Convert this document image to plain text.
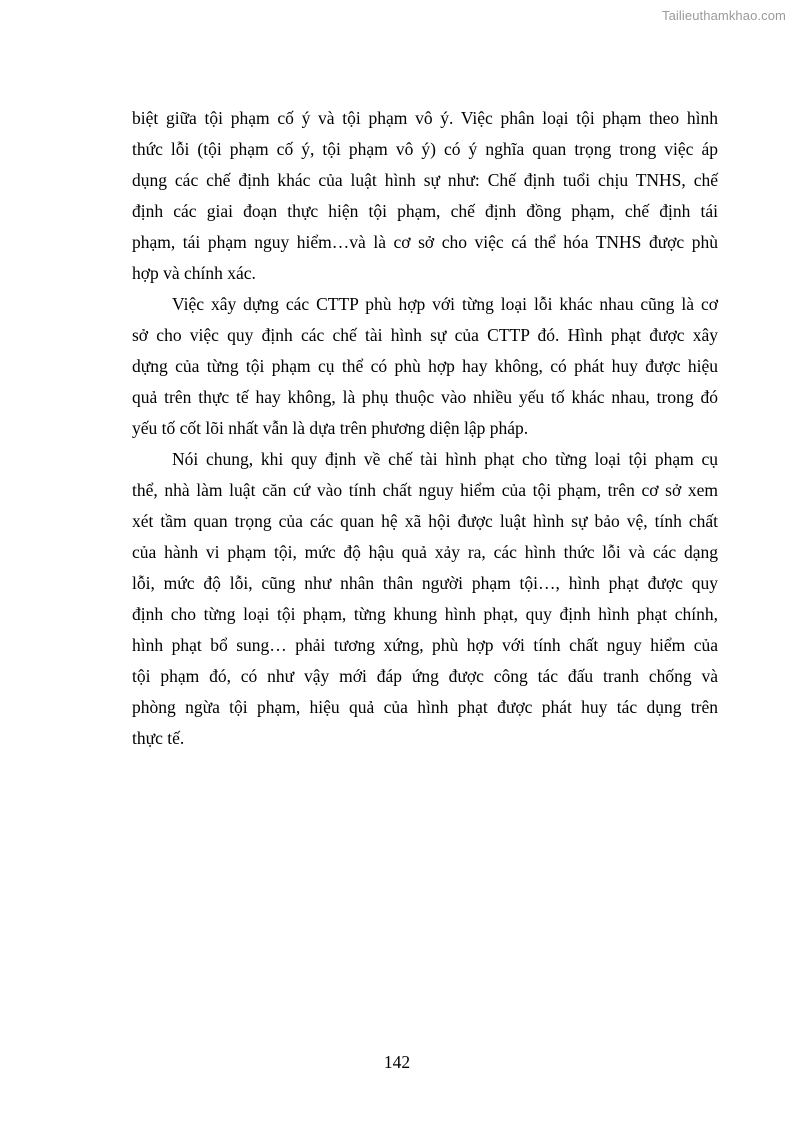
Tailieuthamkhao.com
biệt giữa tội phạm cố ý và tội phạm vô ý. Việc phân loại tội phạm theo hình
thức lỗi (tội phạm cố ý, tội phạm vô ý) có ý nghĩa quan trọng trong việc áp
dụng các chế định khác của luật hình sự như: Chế định tuổi chịu TNHS, chế
định các giai đoạn thực hiện tội phạm, chế định đồng phạm, chế định tái
phạm, tái phạm nguy hiểm…và là cơ sở cho việc cá thể hóa TNHS được phù
hợp và chính xác.
Việc xây dựng các CTTP phù hợp với từng loại lỗi khác nhau cũng là cơ
sở cho việc quy định các chế tài hình sự của CTTP đó. Hình phạt được xây
dựng của từng tội phạm cụ thể có phù hợp hay không, có phát huy được hiệu
quả trên thực tế hay không, là phụ thuộc vào nhiều yếu tố khác nhau, trong đó
yếu tố cốt lõi nhất vẫn là dựa trên phương diện lập pháp.
Nói chung, khi quy định về chế tài hình phạt cho từng loại tội phạm cụ
thể, nhà làm luật căn cứ vào tính chất nguy hiểm của tội phạm, trên cơ sở xem
xét tầm quan trọng của các quan hệ xã hội được luật hình sự bảo vệ, tính chất
của hành vi phạm tội, mức độ hậu quả xảy ra, các hình thức lỗi và các dạng
lỗi, mức độ lỗi, cũng như nhân thân người phạm tội…, hình phạt được quy
định cho từng loại tội phạm, từng khung hình phạt, quy định hình phạt chính,
hình phạt bổ sung… phải tương xứng, phù hợp với tính chất nguy hiểm của
tội phạm đó, có như vậy mới đáp ứng được công tác đấu tranh chống và
phòng ngừa tội phạm, hiệu quả của hình phạt được phát huy tác dụng trên
thực tế.
142
